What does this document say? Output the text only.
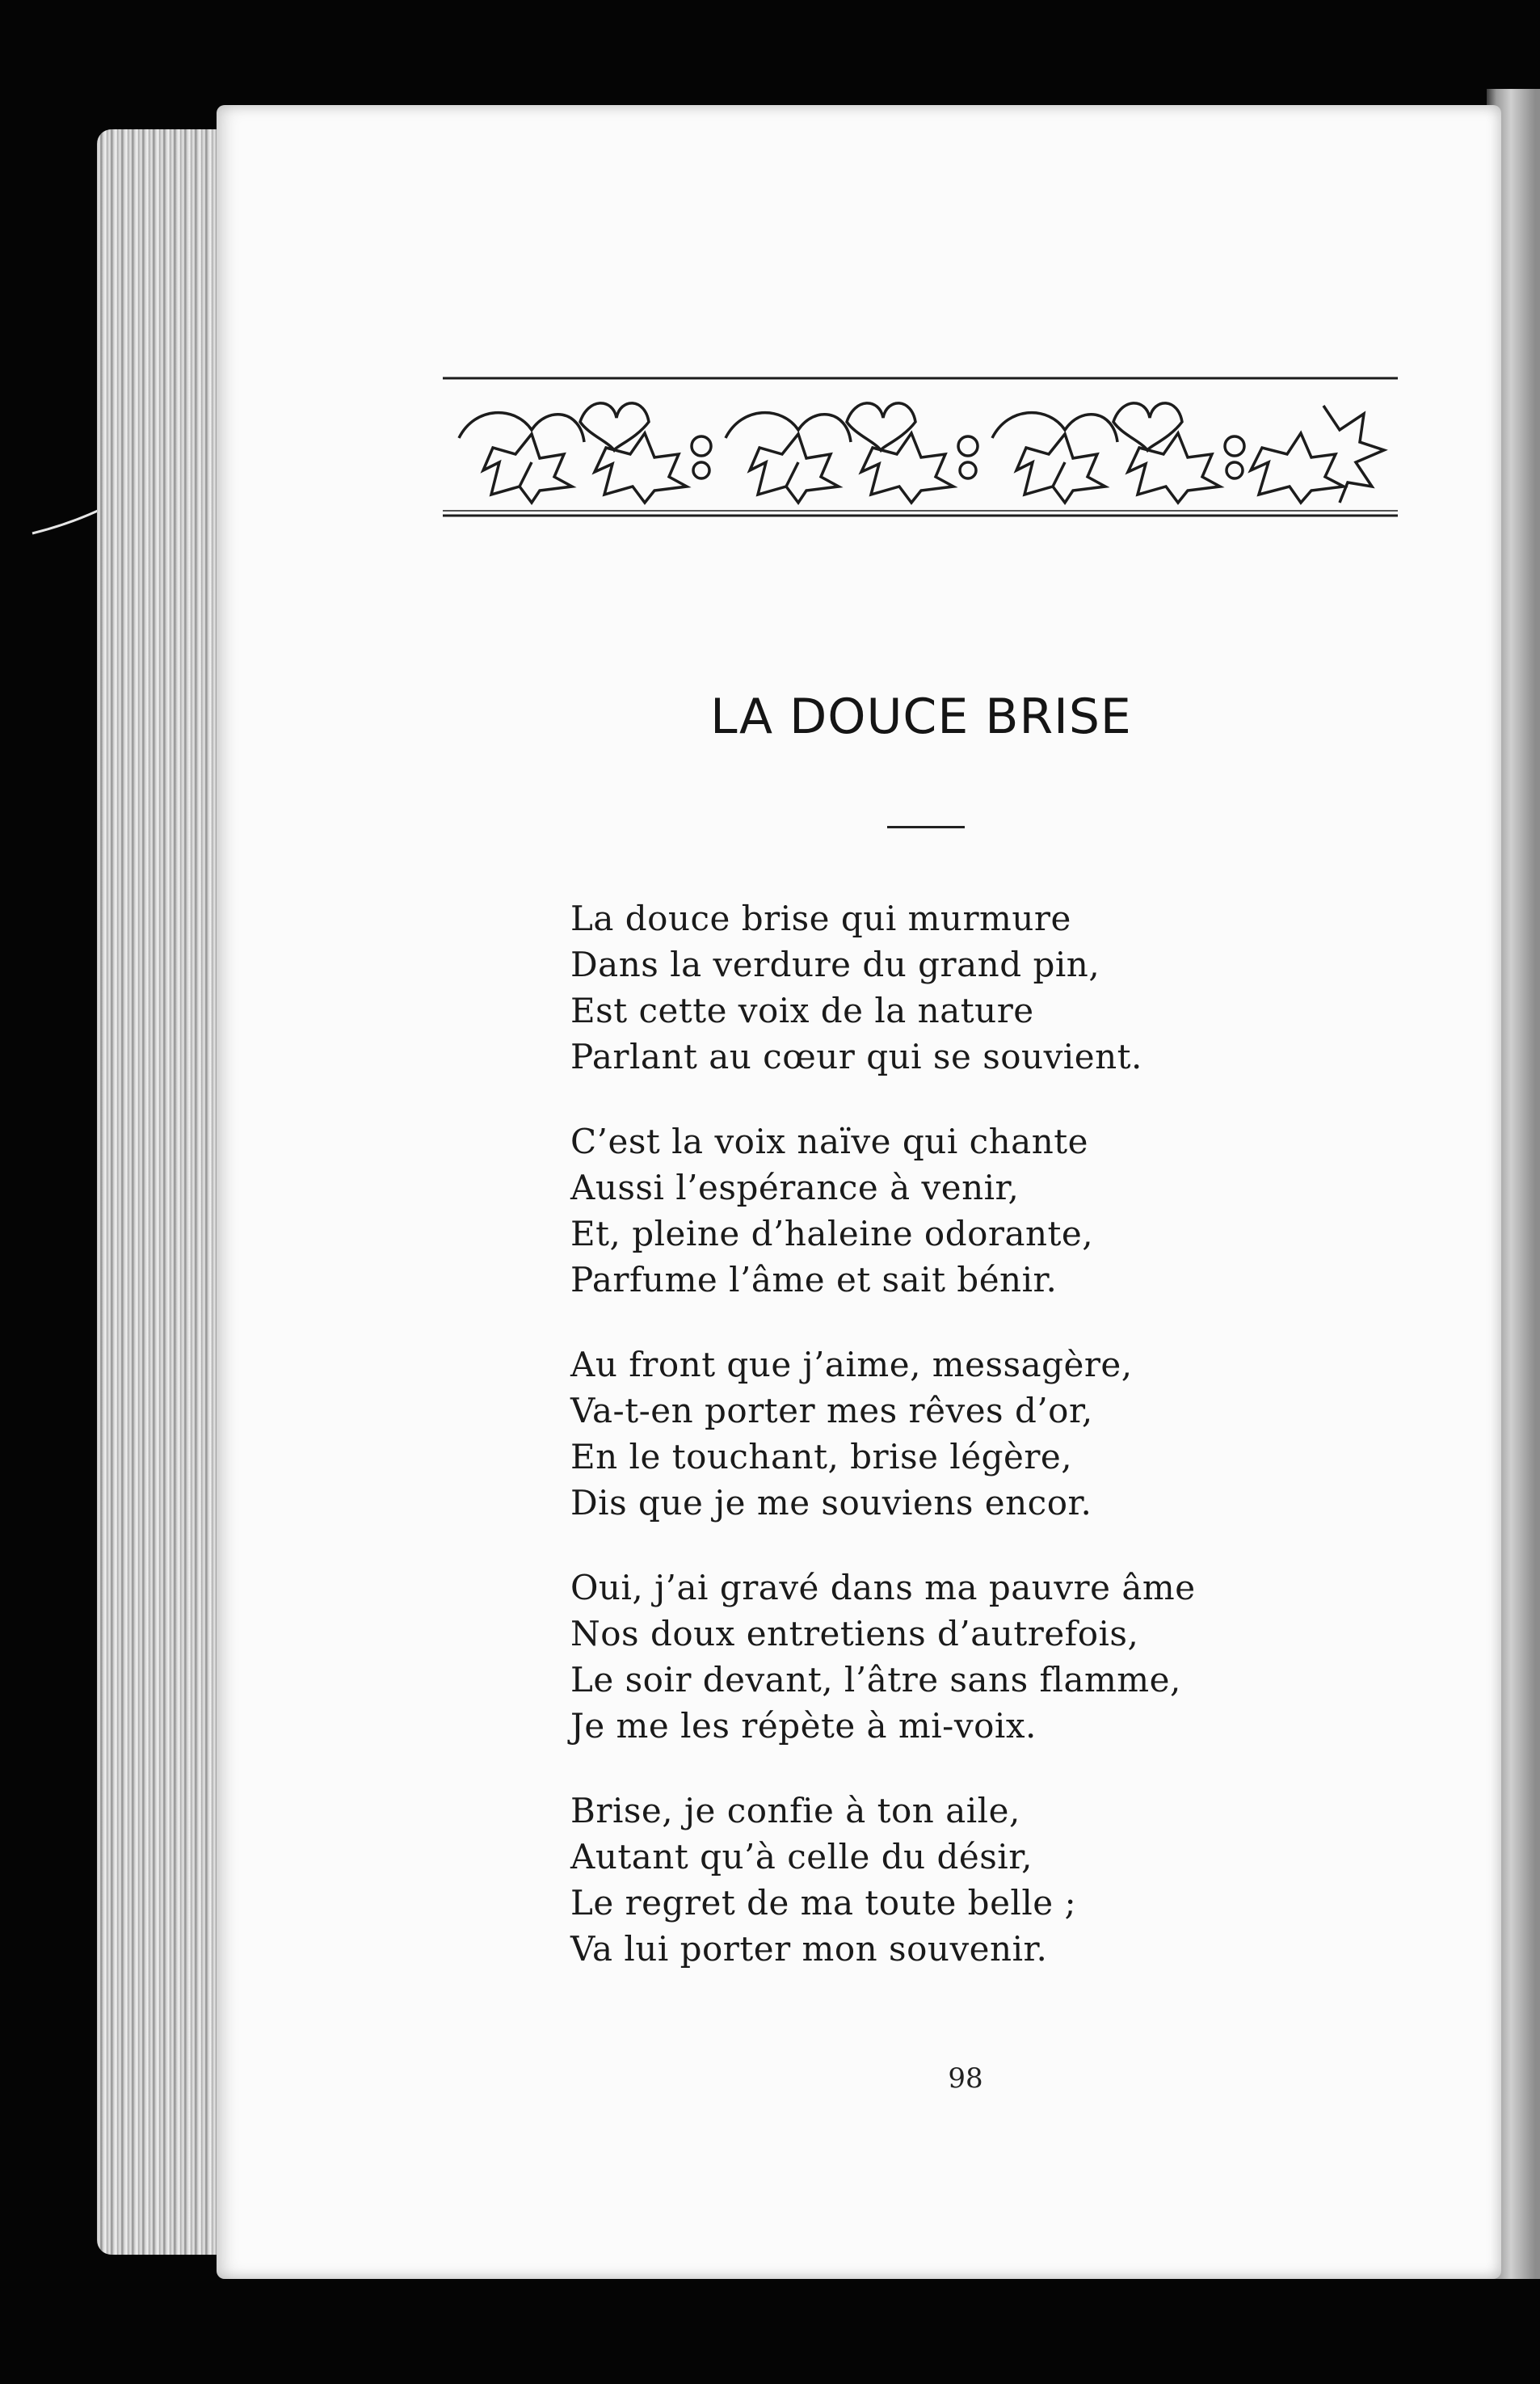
LA DOUCE BRISE
La douce brise qui murmure
Dans la verdure du grand pin,
Est cette voix de la nature
Parlant au cœur qui se souvient.
C’est la voix naïve qui chante
Aussi l’espérance à venir,
Et, pleine d’haleine odorante,
Parfume l’âme et sait bénir.
Au front que j’aime, messagère,
Va-t-en porter mes rêves d’or,
En le touchant, brise légère,
Dis que je me souviens encor.
Oui, j’ai gravé dans ma pauvre âme
Nos doux entretiens d’autrefois,
Le soir devant, l’âtre sans flamme,
Je me les répète à mi-voix.
Brise, je confie à ton aile,
Autant qu’à celle du désir,
Le regret de ma toute belle ;
Va lui porter mon souvenir.
98
